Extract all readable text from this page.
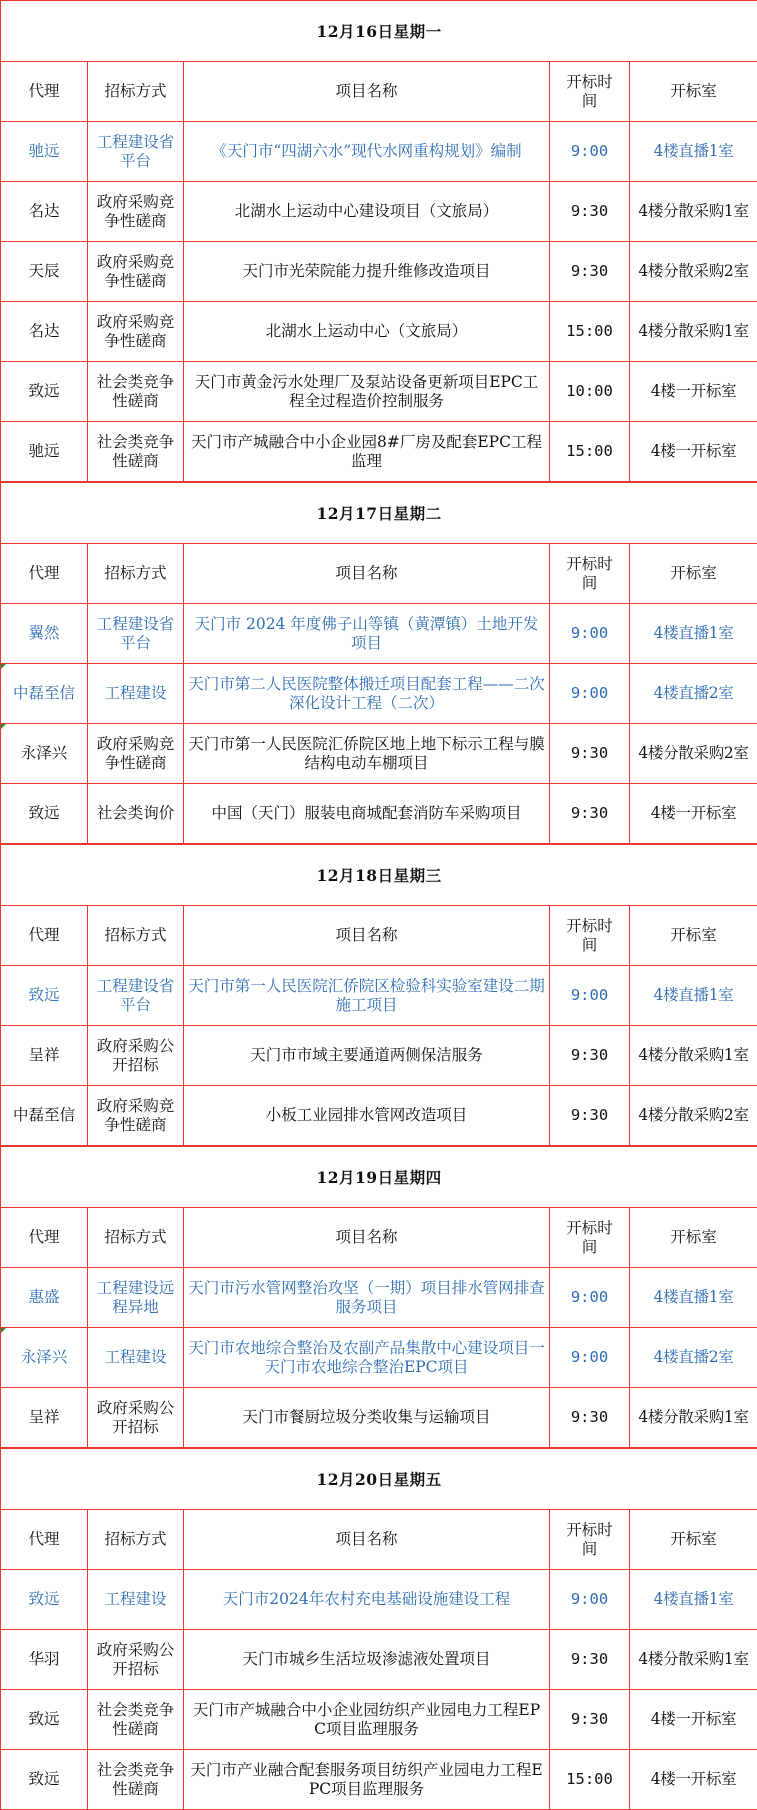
12月16日星期一				
代理	招标方式	项目名称	开标时间	开标室
驰远	工程建设省平台	《天门市“四湖六水”现代水网重构规划》编制	9:00	4楼直播1室
名达	政府采购竞争性磋商	北湖水上运动中心建设项目（文旅局）	9:30	4楼分散采购1室
天辰	政府采购竞争性磋商	天门市光荣院能力提升维修改造项目	9:30	4楼分散采购2室
名达	政府采购竞争性磋商	北湖水上运动中心（文旅局）	15:00	4楼分散采购1室
致远	社会类竞争性磋商	天门市黄金污水处理厂及泵站设备更新项目EPC工程全过程造价控制服务	10:00	4楼一开标室
驰远	社会类竞争性磋商	天门市产城融合中小企业园8#厂房及配套EPC工程监理	15:00	4楼一开标室
12月17日星期二				
代理	招标方式	项目名称	开标时间	开标室
翼然	工程建设省平台	天门市 2024 年度佛子山等镇（黄潭镇）土地开发项目	9:00	4楼直播1室

中磊至信	工程建设	天门市第二人民医院整体搬迁项目配套工程——二次深化设计工程（二次）	9:00	4楼直播2室

永泽兴	政府采购竞争性磋商	天门市第一人民医院汇侨院区地上地下标示工程与膜结构电动车棚项目	9:30	4楼分散采购2室
致远	社会类询价	中国（天门）服装电商城配套消防车采购项目	9:30	4楼一开标室
12月18日星期三				
代理	招标方式	项目名称	开标时间	开标室
致远	工程建设省平台	天门市第一人民医院汇侨院区检验科实验室建设二期施工项目	9:00	4楼直播1室
呈祥	政府采购公开招标	天门市市域主要通道两侧保洁服务	9:30	4楼分散采购1室
中磊至信	政府采购竞争性磋商	小板工业园排水管网改造项目	9:30	4楼分散采购2室
12月19日星期四				
代理	招标方式	项目名称	开标时间	开标室
惠盛	工程建设远程异地	天门市污水管网整治攻坚（一期）项目排水管网排查服务项目	9:00	4楼直播1室

永泽兴	工程建设	天门市农地综合整治及农副产品集散中心建设项目一天门市农地综合整治EPC项目	9:00	4楼直播2室
呈祥	政府采购公开招标	天门市餐厨垃圾分类收集与运输项目	9:30	4楼分散采购1室
12月20日星期五				
代理	招标方式	项目名称	开标时间	开标室
致远	工程建设	天门市2024年农村充电基础设施建设工程	9:00	4楼直播1室
华羽	政府采购公开招标	天门市城乡生活垃圾渗滤液处置项目	9:30	4楼分散采购1室
致远	社会类竞争性磋商	天门市产城融合中小企业园纺织产业园电力工程EPC项目监理服务	9:30	4楼一开标室
致远	社会类竞争性磋商	天门市产业融合配套服务项目纺织产业园电力工程EPC项目监理服务	15:00	4楼一开标室
